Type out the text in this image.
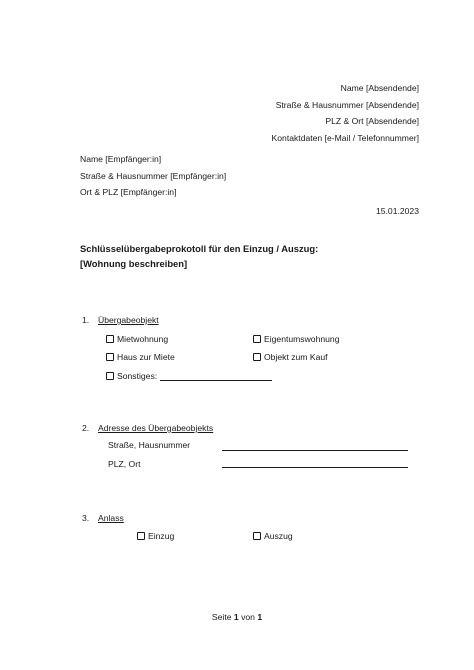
Name [Absendende]
Straße & Hausnummer [Absendende]
PLZ & Ort [Absendende]
Kontaktdaten [e-Mail / Telefonnummer]
Name [Empfänger:in]
Straße & Hausnummer [Empfänger:in]
Ort & PLZ [Empfänger:in]
15.01.2023
Schlüsselübergabeprokotoll für den Einzug / Auszug:
[Wohnung beschreiben]
1. Übergabeobjekt
Mietwohnung	Eigentumswohnung
Haus zur Miete	Objekt zum Kauf
Sonstiges:
2. Adresse des Übergabeobjekts
Straße, Hausnummer
PLZ, Ort
3. Anlass
Einzug	Auszug
Seite 1 von 1
